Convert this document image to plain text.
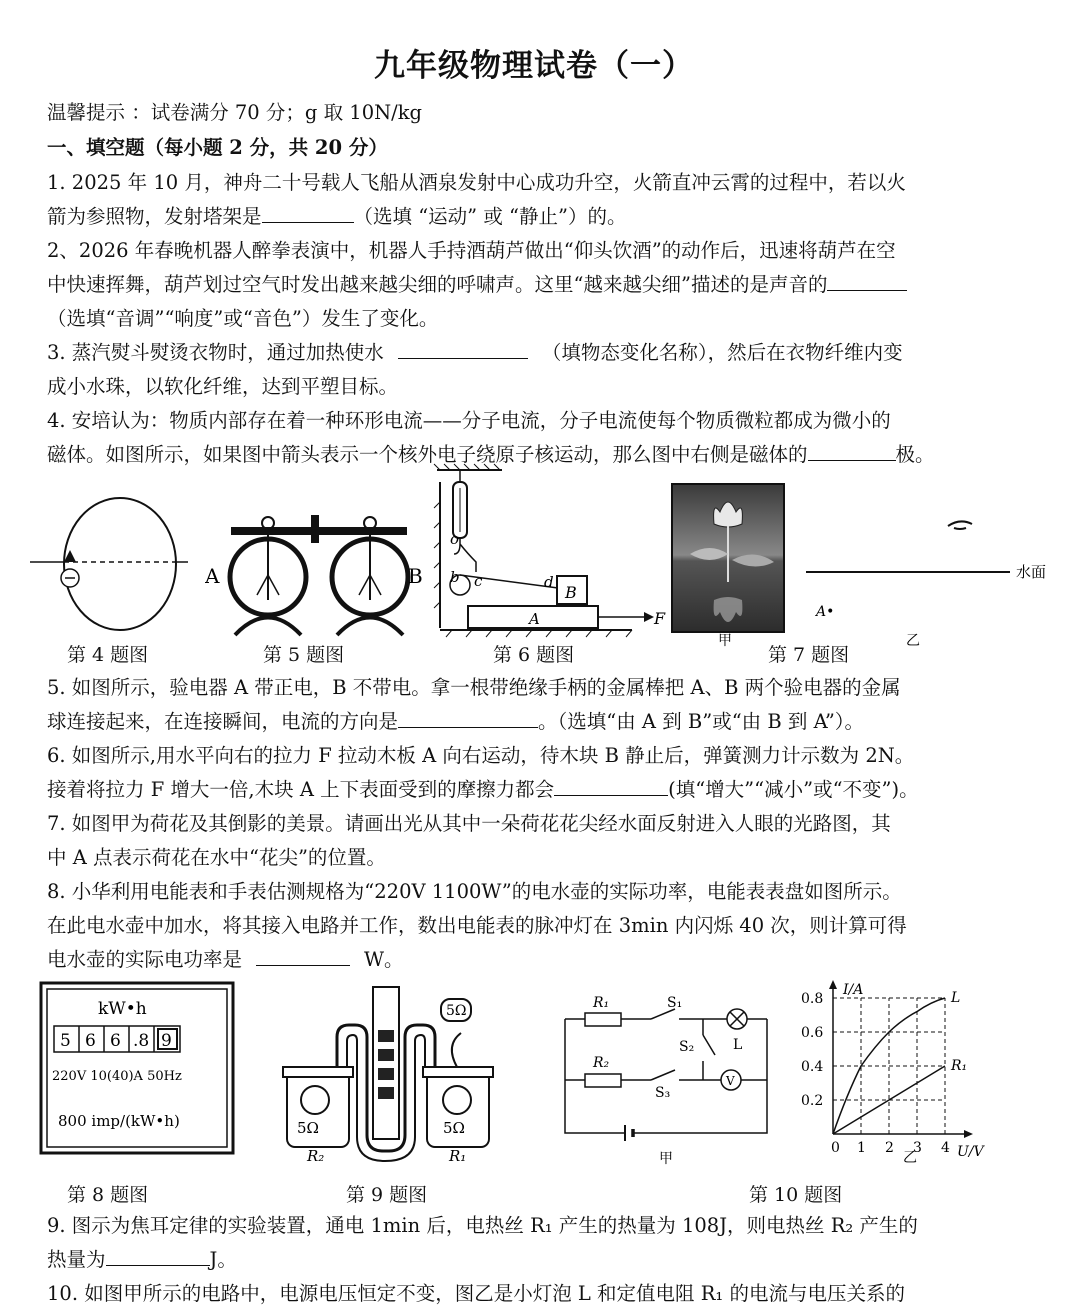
九年级物理试卷（一）
温馨提示 ：试卷满分 70 分；g 取 10N/kg
一、填空题（每小题 2 分，共 20 分）
1. 2025 年 10 月，神舟二十号载人飞船从酒泉发射中心成功升空，火箭直冲云霄的过程中，若以火
箭为参照物，发射塔架是	（选填 “运动” 或 “静止”）的。
2、2026 年春晚机器人醉拳表演中，机器人手持酒葫芦做出“仰头饮酒”的动作后，迅速将葫芦在空
中快速挥舞，葫芦划过空气时发出越来越尖细的呼啸声。这里“越来越尖细”描述的是声音的
（选填“音调”“响度”或“音色”）发生了变化。
3. 蒸汽熨斗熨烫衣物时，通过加热使水	（填物态变化名称），然后在衣物纤维内变
成小水珠，以软化纤维，达到平塑目标。
4. 安培认为：物质内部存在着一种环形电流——分子电流，分子电流使每个物质微粒都成为微小的
磁体。如图所示，如果图中箭头表示一个核外电子绕原子核运动，那么图中右侧是磁体的	极。
A	B
o
b c	d
B
A	F
水面
A•
甲	乙
第 4 题图	第 5 题图	第 6 题图	第 7 题图
5. 如图所示，验电器 A 带正电，B 不带电。拿一根带绝缘手柄的金属棒把 A、B 两个验电器的金属
球连接起来，在连接瞬间，电流的方向是	。（选填“由 A 到 B”或“由 B 到 A”）。
6. 如图所示,用水平向右的拉力 F 拉动木板 A 向右运动，待木块 B 静止后，弹簧测力计示数为 2N。
接着将拉力 F 增大一倍,木块 A 上下表面受到的摩擦力都会	(填“增大”“减小”或“不变”)。
7. 如图甲为荷花及其倒影的美景。请画出光从其中一朵荷花花尖经水面反射进入人眼的光路图，其
中 A 点表示荷花在水中“花尖”的位置。
8. 小华利用电能表和手表估测规格为“220V 1100W”的电水壶的实际功率，电能表表盘如图所示。
在此电水壶中加水，将其接入电路并工作，数出电能表的脉冲灯在 3min 内闪烁 40 次，则计算可得
电水壶的实际电功率是	W。
kW•h
5 6 6 .8 9
220V 10(40)A 50Hz
800 imp/(kW•h)	5Ω	5Ω
5Ω
R₂	R₁
V
R₁
R₂
S₁
S₂
S₃
L
甲
0.2
0.4
0.6
0.8
0 1 2 3 4 U/V
I/A	L
R₁
乙
第 8 题图	第 9 题图	第 10 题图
9. 图示为焦耳定律的实验装置，通电 1min 后，电热丝 R₁ 产生的热量为 108J，则电热丝 R₂ 产生的
热量为	J。
10. 如图甲所示的电路中，电源电压恒定不变，图乙是小灯泡 L 和定值电阻 R₁ 的电流与电压关系的
